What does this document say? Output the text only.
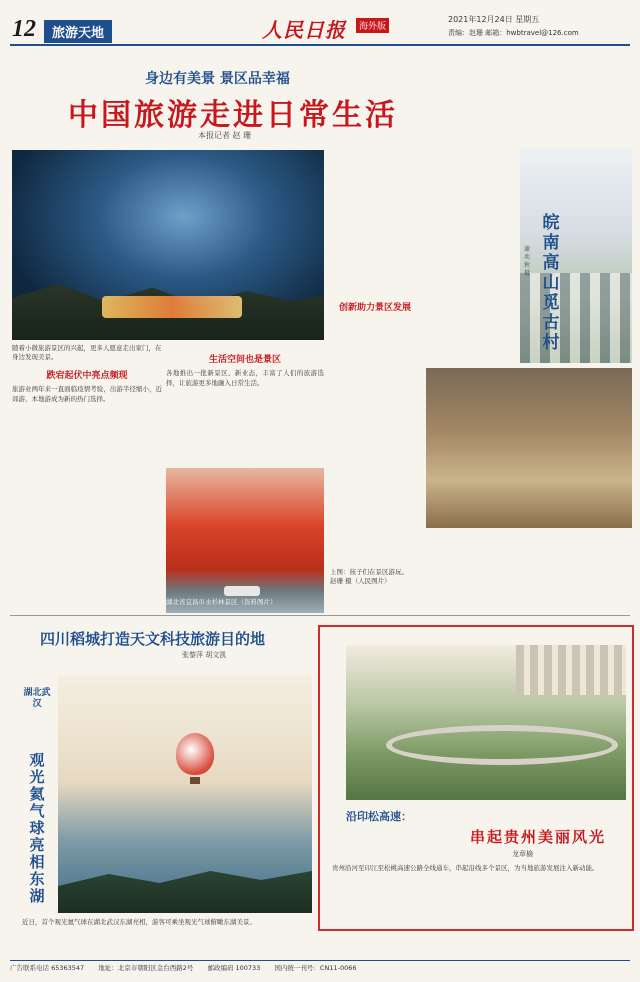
12	旅游天地	人民日报	海外版
2021年12月24日 星期五
责编：赵珊 邮箱：hwbtravel@126.com
身边有美景 景区品幸福
中国旅游走进日常生活
本报记者 赵 珊
随着小微旅游景区的兴起，更多人愿意走出家门，在身边发现美景。
跌宕起伏中亮点频现
旅游业两年来一直面临疫情考验，出游半径缩小，近郊游、本地游成为新的热门选择。
生活空间也是景区
各地推出一批新景区、新业态，丰富了人们的旅游选择，让旅游更多地融入日常生活。
湖北省宜昌市水杉林景区（资料图片）
创新助力景区发展
皖南高山觅古村
谢奕秋 摄
上图：孩子们在景区游玩。
赵珊 摄（人民图片）
四川稻城打造天文科技旅游目的地
张黎萍 胡文凯
湖北武汉
观光氦气球亮相东湖
近日，首个观光氦气球在湖北武汉东湖亮相，游客可乘坐观光气球俯瞰东湖美景。
沿印松高速：
串起贵州美丽风光
龙章榆
贵州沿河至印江至松桃高速公路全线通车，串起沿线多个景区，为当地旅游发展注入新动能。
广告联系电话 65363547 地址：北京市朝阳区金台西路2号 邮政编码 100733 国内统一刊号：CN11-0066
